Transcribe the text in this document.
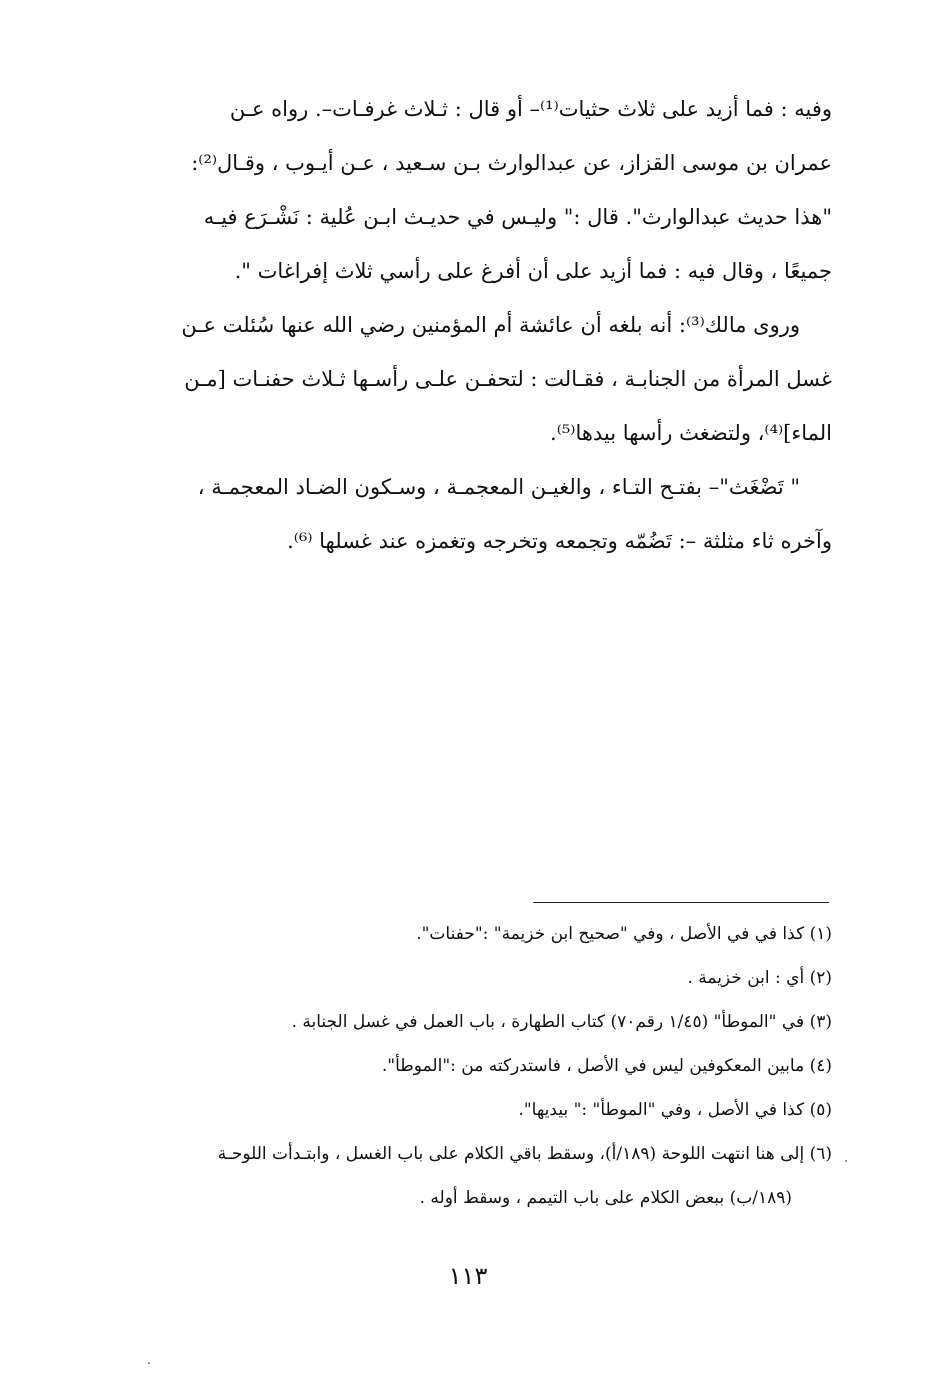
وفيه : فما أزيد على ثلاث حثيات⁽¹⁾– أو قال : ثـلاث غرفـات–. رواه عـن
عمران بن موسى القزاز، عن عبدالوارث بـن سـعيد ، عـن أيـوب ، وقـال⁽²⁾:
"هذا حديث عبدالوارث". قال :" وليـس في حديـث ابـن عُلية : نَشْـرَع فيـه
جميعًا ، وقال فيه : فما أزيد على أن أفرغ على رأسي ثلاث إفراغات ".
وروى مالك⁽³⁾: أنه بلغه أن عائشة أم المؤمنين رضي الله عنها سُئلت عـن
غسل المرأة من الجنابـة ، فقـالت : لتحفـن علـى رأسـها ثـلاث حفنـات [مـن
الماء]⁽⁴⁾، ولتضغث رأسها بيدها⁽⁵⁾.
" تَضْغَث"– بفتـح التـاء ، والغيـن المعجمـة ، وسـكون الضـاد المعجمـة ،
وآخره ثاء مثلثة –: تَضُمّه وتجمعه وتخرجه وتغمزه عند غسلها ⁽⁶⁾.
(١) كذا في في الأصل ، وفي "صحيح ابن خزيمة" :"حفنات".
(٢) أي : ابن خزيمة .
(٣) في "الموطأ" (١/٤٥ رقم٧٠) كتاب الطهارة ، باب العمل في غسل الجنابة .
(٤) مابين المعكوفين ليس في الأصل ، فاستدركته من :"الموطأ".
(٥) كذا في الأصل ، وفي "الموطأ" :" بيديها".
(٦) إلى هنا انتهت اللوحة (١٨٩/أ)، وسقط باقي الكلام على باب الغسل ، وابتـدأت اللوحـة
(١٨٩/ب) ببعض الكلام على باب التيمم ، وسقط أوله .
١١٣
